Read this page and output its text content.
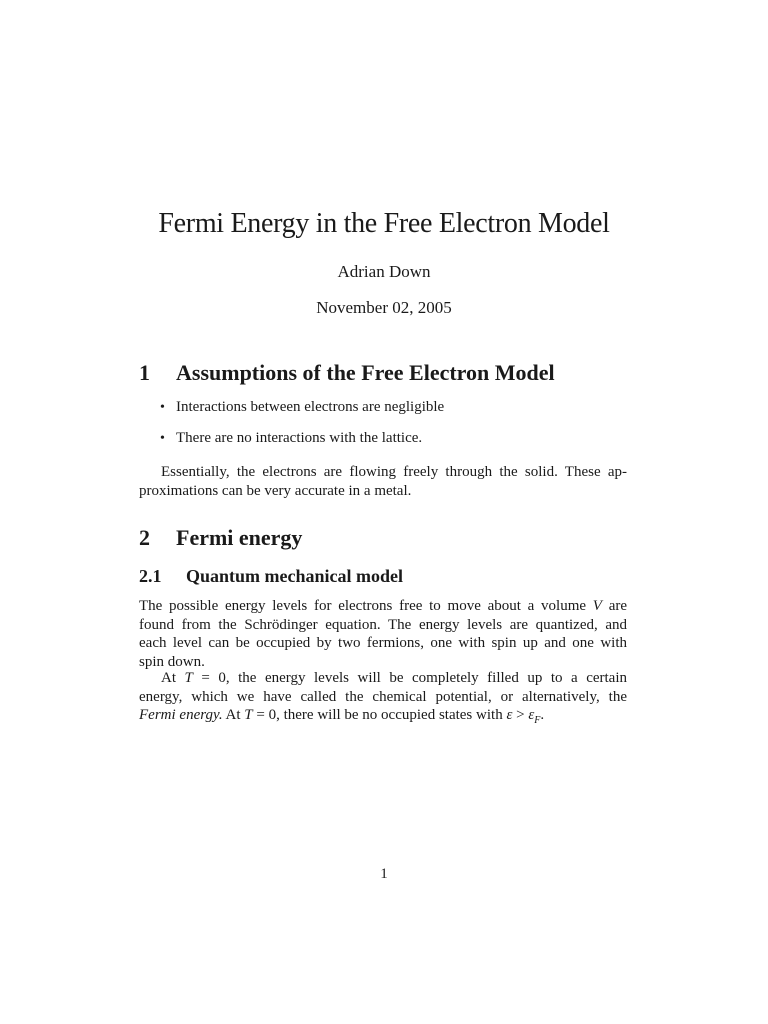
Fermi Energy in the Free Electron Model
Adrian Down
November 02, 2005
1 Assumptions of the Free Electron Model
• Interactions between electrons are negligible
• There are no interactions with the lattice.
Essentially, the electrons are flowing freely through the solid. These ap-
proximations can be very accurate in a metal.
2 Fermi energy
2.1 Quantum mechanical model
The possible energy levels for electrons free to move about a volume V are
found from the Schrödinger equation. The energy levels are quantized, and
each level can be occupied by two fermions, one with spin up and one with
spin down.
At T = 0, the energy levels will be completely filled up to a certain
energy, which we have called the chemical potential, or alternatively, the
Fermi energy. At T = 0, there will be no occupied states with $\varepsilon > \varepsilon_F$.
1
